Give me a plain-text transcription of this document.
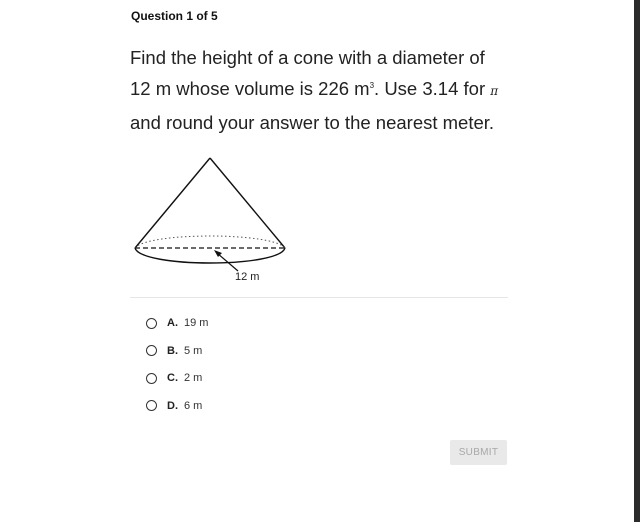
Question 1 of 5
Find the height of a cone with a diameter of 12 m whose volume is 226 $m^3$. Use 3.14 for π and round your answer to the nearest meter.
12 m
A. 19 m
B. 5 m
C. 2 m
D. 6 m
SUBMIT
